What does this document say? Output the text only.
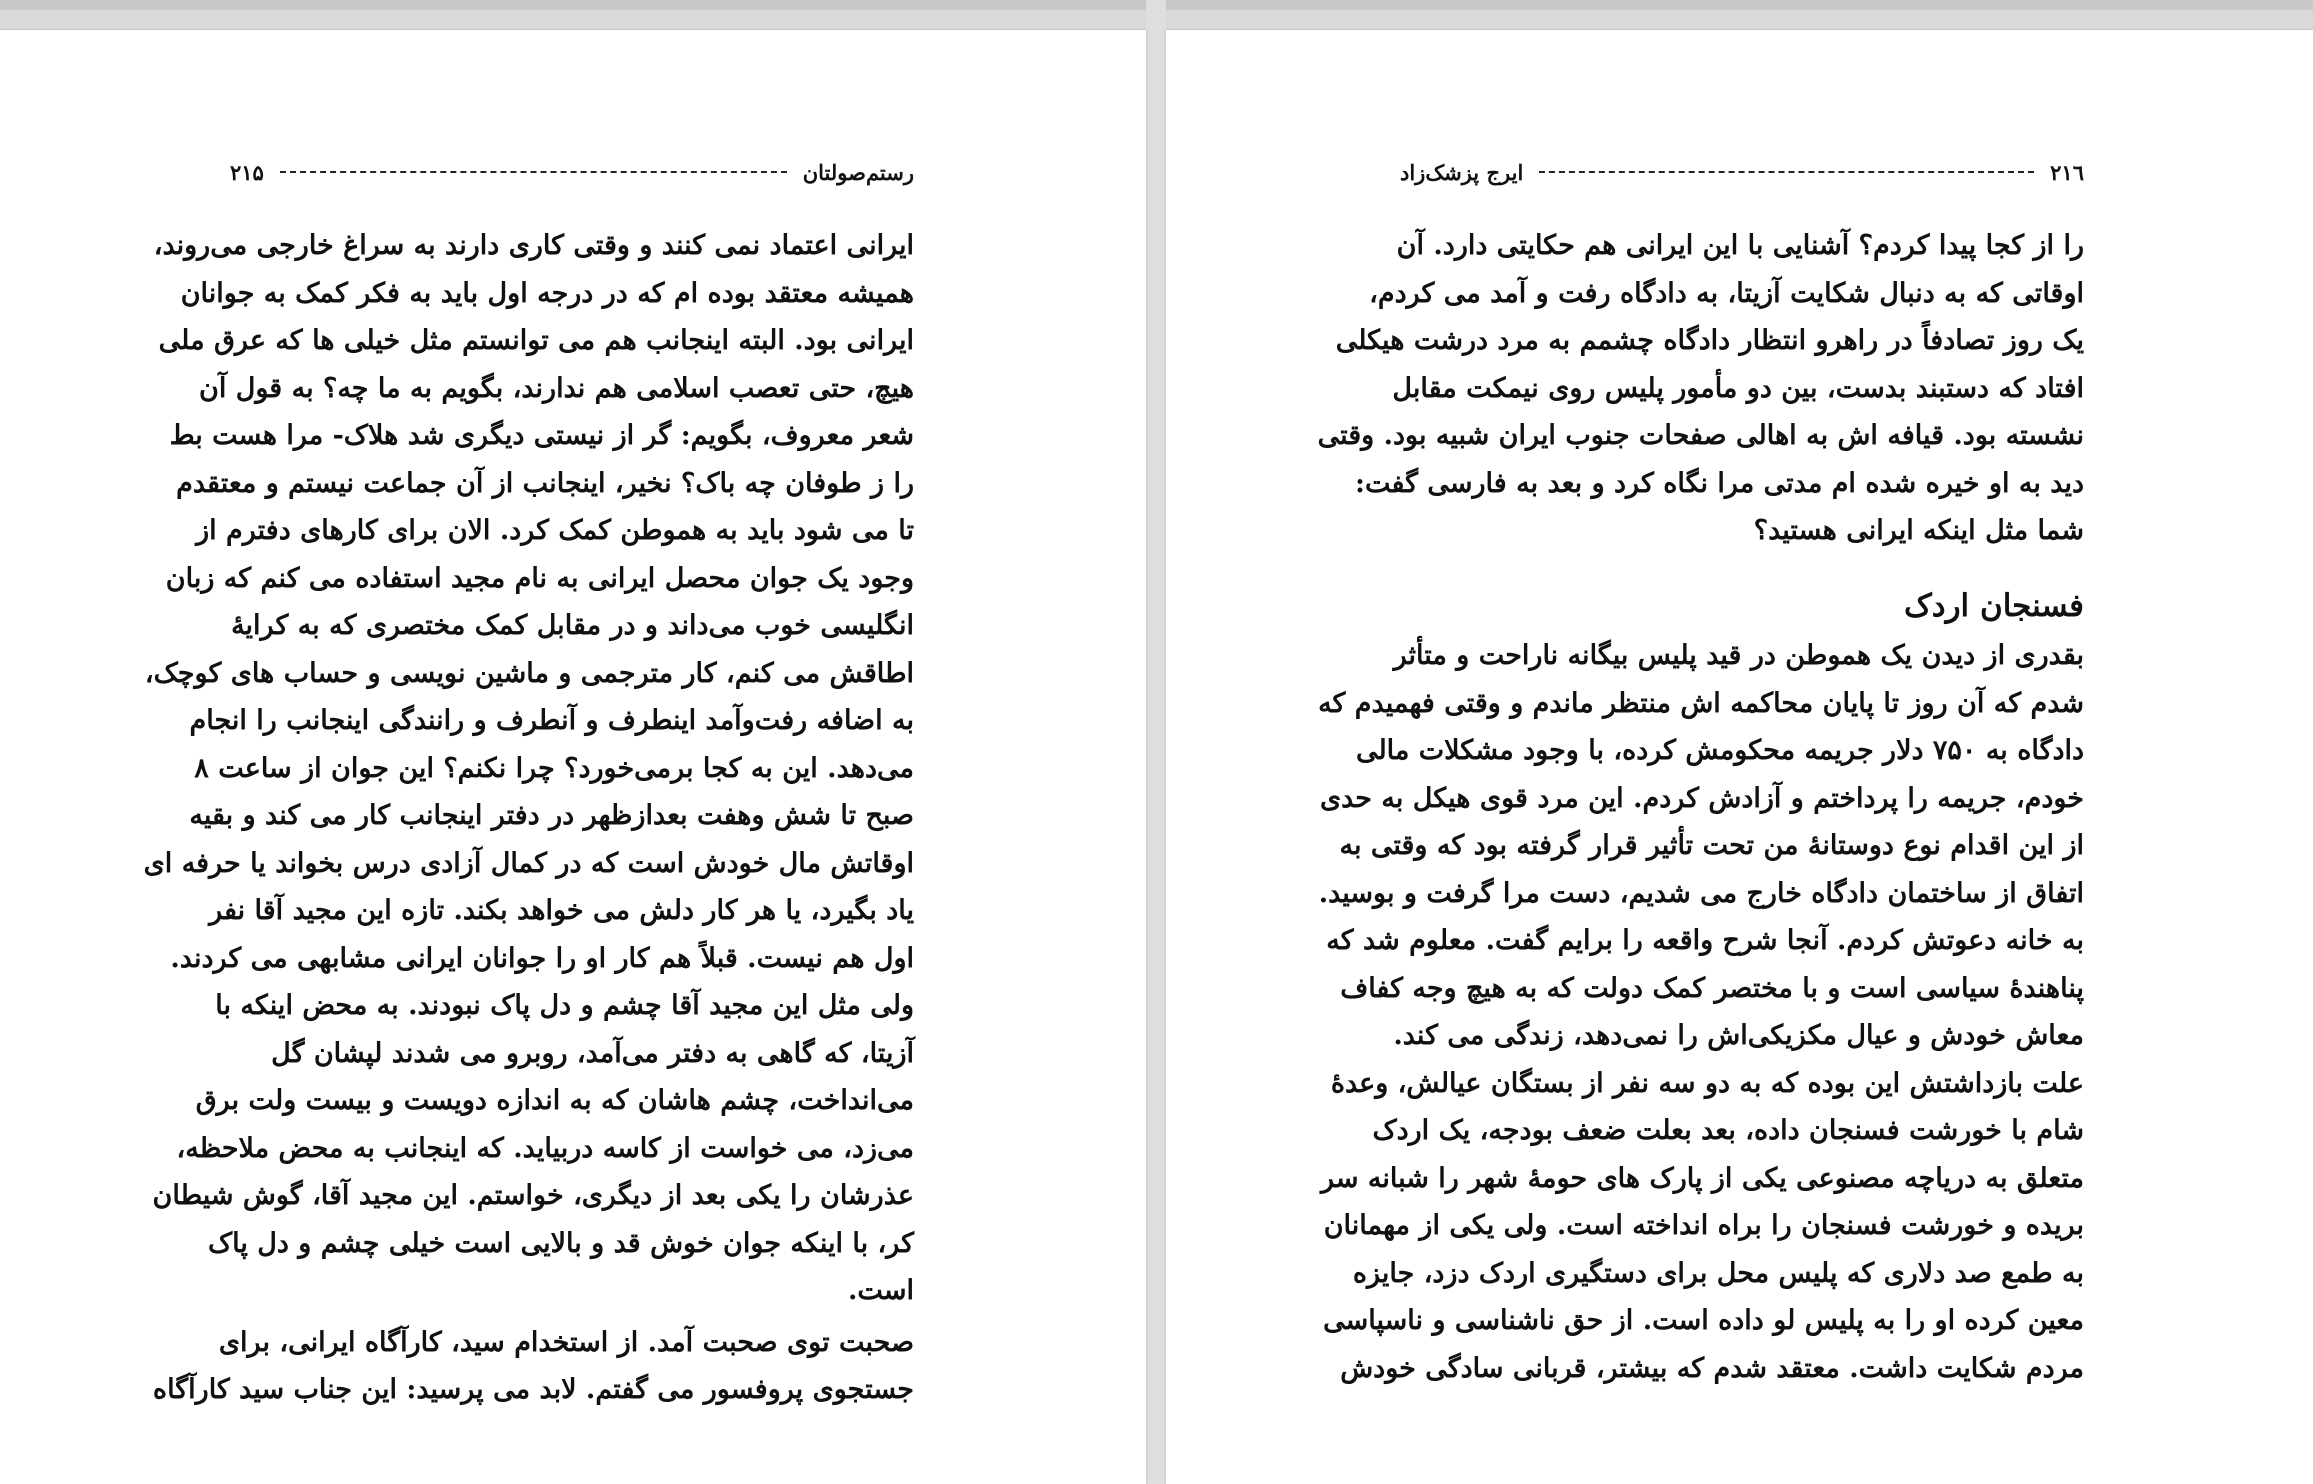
رستم‌صولتان
۲۱۵
ایرانی اعتماد نمی کنند و وقتی کاری دارند به سراغ خارجی می‌روند،
همیشه معتقد بوده ام که در درجه اول باید به فکر کمک به جوانان
ایرانی بود. البته اینجانب هم می توانستم مثل خیلی ها که عرق ملی
هیچ، حتی تعصب اسلامی هم ندارند، بگویم به ما چه؟ به قول آن
شعر معروف، بگویم: گر از نیستی دیگری شد هلاک- مرا هست بط
را ز طوفان چه باک؟ نخیر، اینجانب از آن جماعت نیستم و معتقدم
تا می شود باید به هموطن کمک کرد. الان برای کارهای دفترم از
وجود یک جوان محصل ایرانی به نام مجید استفاده می کنم که زبان
انگلیسی خوب می‌داند و در مقابل کمک مختصری که به کرایهٔ
اطاقش می کنم، کار مترجمی و ماشین نویسی و حساب های کوچک،
به اضافه رفت‌وآمد اینطرف و آنطرف و رانندگی اینجانب را انجام
می‌دهد. این به کجا برمی‌خورد؟ چرا نکنم؟ این جوان از ساعت ۸
صبح تا شش وهفت بعدازظهر در دفتر اینجانب کار می کند و بقیه
اوقاتش مال خودش است که در کمال آزادی درس بخواند یا حرفه ای
یاد بگیرد، یا هر کار دلش می خواهد بکند. تازه این مجید آقا نفر
اول هم نیست. قبلاً هم کار او را جوانان ایرانی مشابهی می کردند.
ولی مثل این مجید آقا چشم و دل پاک نبودند. به محض اینکه با
آزیتا، که گاهی به دفتر می‌آمد، روبرو می شدند لپشان گل
می‌انداخت، چشم هاشان که به اندازه دویست و بیست ولت برق
می‌زد، می خواست از کاسه دربیاید. که اینجانب به محض ملاحظه،
عذرشان را یکی بعد از دیگری، خواستم. این مجید آقا، گوش شیطان
کر، با اینکه جوان خوش قد و بالایی است خیلی چشم و دل پاک
است.
صحبت توی صحبت آمد. از استخدام سید، کارآگاه ایرانی، برای
جستجوی پروفسور می گفتم. لابد می پرسید: این جناب سید کارآگاه
۲۱٦
ایرج پزشک‌زاد
را از کجا پیدا کردم؟ آشنایی با این ایرانی هم حکایتی دارد. آن
اوقاتی که به دنبال شکایت آزیتا، به دادگاه رفت و آمد می کردم،
یک روز تصادفاً در راهرو انتظار دادگاه چشمم به مرد درشت هیکلی
افتاد که دستبند بدست، بین دو مأمور پلیس روی نیمکت مقابل
نشسته بود. قیافه اش به اهالی صفحات جنوب ایران شبیه بود. وقتی
دید به او خیره شده ام مدتی مرا نگاه کرد و بعد به فارسی گفت:
شما مثل اینکه ایرانی هستید؟
فسنجان اردک
بقدری از دیدن یک هموطن در قید پلیس بیگانه ناراحت و متأثر
شدم که آن روز تا پایان محاکمه اش منتظر ماندم و وقتی فهمیدم که
دادگاه به ۷۵۰ دلار جریمه محکومش کرده، با وجود مشکلات مالی
خودم، جریمه را پرداختم و آزادش کردم. این مرد قوی هیکل به حدی
از این اقدام نوع دوستانهٔ من تحت تأثیر قرار گرفته بود که وقتی به
اتفاق از ساختمان دادگاه خارج می شدیم، دست مرا گرفت و بوسید.
به خانه دعوتش کردم. آنجا شرح واقعه را برایم گفت. معلوم شد که
پناهندهٔ سیاسی است و با مختصر کمک دولت که به هیچ وجه کفاف
معاش خودش و عیال مکزیکی‌اش را نمی‌دهد، زندگی می کند.
علت بازداشتش این بوده که به دو سه نفر از بستگان عیالش، وعدهٔ
شام با خورشت فسنجان داده، بعد بعلت ضعف بودجه، یک اردک
متعلق به دریاچه مصنوعی یکی از پارک های حومهٔ شهر را شبانه سر
بریده و خورشت فسنجان را براه انداخته است. ولی یکی از مهمانان
به طمع صد دلاری که پلیس محل برای دستگیری اردک دزد، جایزه
معین کرده او را به پلیس لو داده است. از حق ناشناسی و ناسپاسی
مردم شکایت داشت. معتقد شدم که بیشتر، قربانی سادگی خودش
